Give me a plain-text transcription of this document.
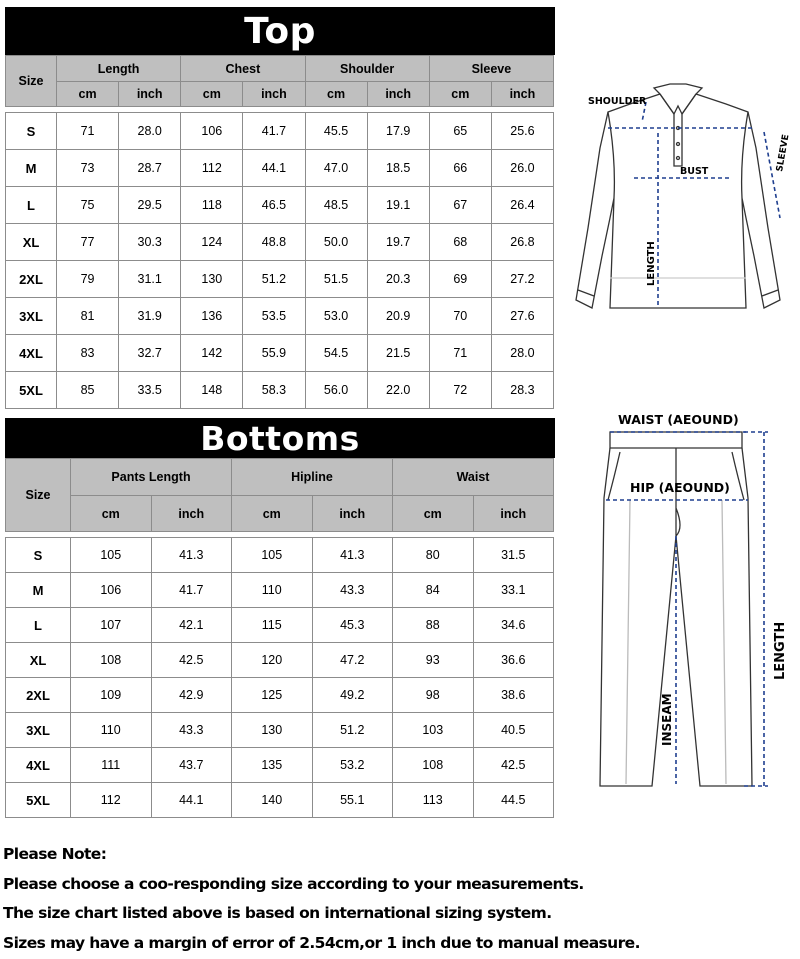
Top
Size	Length		Chest		Shoulder		Sleeve	
	cm	inch	cm	inch	cm	inch	cm	inch

S	71	28.0	106	41.7	45.5	17.9	65	25.6
M	73	28.7	112	44.1	47.0	18.5	66	26.0
L	75	29.5	118	46.5	48.5	19.1	67	26.4
XL	77	30.3	124	48.8	50.0	19.7	68	26.8
2XL	79	31.1	130	51.2	51.5	20.3	69	27.2
3XL	81	31.9	136	53.5	53.0	20.9	70	27.6
4XL	83	32.7	142	55.9	54.5	21.5	71	28.0
5XL	85	33.5	148	58.3	56.0	22.0	72	28.3
Bottoms
Size	Pants Length		Hipline		Waist	
	cm	inch	cm	inch	cm	inch

S	105	41.3	105	41.3	80	31.5
M	106	41.7	110	43.3	84	33.1
L	107	42.1	115	45.3	88	34.6
XL	108	42.5	120	47.2	93	36.6
2XL	109	42.9	125	49.2	98	38.6
3XL	110	43.3	130	51.2	103	40.5
4XL	111	43.7	135	53.2	108	42.5
5XL	112	44.1	140	55.1	113	44.5
SHOULDER
BUST	SLEEVE
LENGTH
WAIST (AEOUND)
HIP (AEOUND)
LENGTH
INSEAM
Please Note:
Please choose a coo-responding size according to your measurements.
The size chart listed above is based on international sizing system.
Sizes may have a margin of error of 2.54cm,or 1 inch due to manual measure.
